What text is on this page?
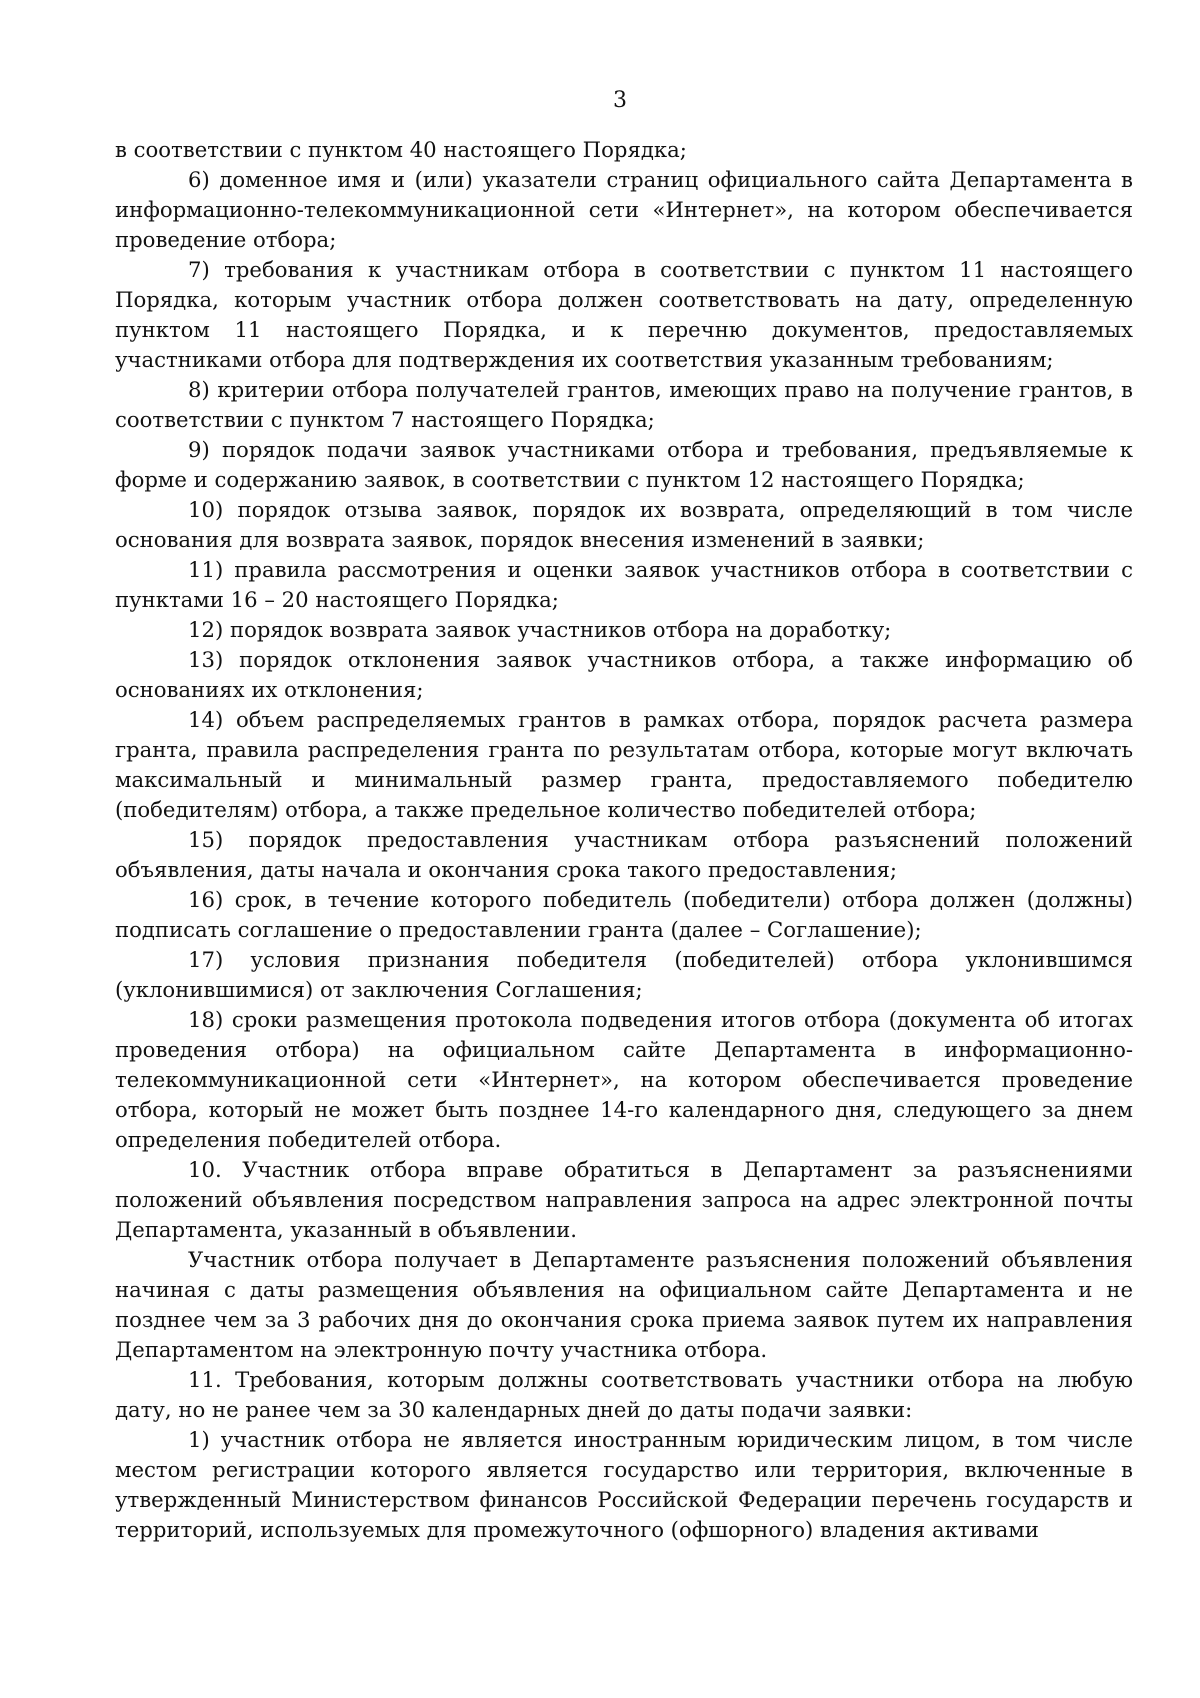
3

в соответствии с пунктом 40 настоящего Порядка;

6) доменное имя и (или) указатели страниц официального сайта Департамента в информационно-телекоммуникационной сети «Интернет», на котором обеспечивается проведение отбора;

7) требования к участникам отбора в соответствии с пунктом 11 настоящего Порядка, которым участник отбора должен соответствовать на дату, определенную пунктом 11 настоящего Порядка, и к перечню документов, предоставляемых участниками отбора для подтверждения их соответствия указанным требованиям;

8) критерии отбора получателей грантов, имеющих право на получение грантов, в соответствии с пунктом 7 настоящего Порядка;

9) порядок подачи заявок участниками отбора и требования, предъявляемые к форме и содержанию заявок, в соответствии с пунктом 12 настоящего Порядка;

10) порядок отзыва заявок, порядок их возврата, определяющий в том числе основания для возврата заявок, порядок внесения изменений в заявки;

11) правила рассмотрения и оценки заявок участников отбора в соответствии с пунктами 16 – 20 настоящего Порядка;

12) порядок возврата заявок участников отбора на доработку;

13) порядок отклонения заявок участников отбора, а также информацию об основаниях их отклонения;

14) объем распределяемых грантов в рамках отбора, порядок расчета размера гранта, правила распределения гранта по результатам отбора, которые могут включать максимальный и минимальный размер гранта, предоставляемого победителю (победителям) отбора, а также предельное количество победителей отбора;

15) порядок предоставления участникам отбора разъяснений положений объявления, даты начала и окончания срока такого предоставления;

16) срок, в течение которого победитель (победители) отбора должен (должны) подписать соглашение о предоставлении гранта (далее – Соглашение);

17) условия признания победителя (победителей) отбора уклонившимся (уклонившимися) от заключения Соглашения;

18) сроки размещения протокола подведения итогов отбора (документа об итогах проведения отбора) на официальном сайте Департамента в информационно-телекоммуникационной сети «Интернет», на котором обеспечивается проведение отбора, который не может быть позднее 14-го календарного дня, следующего за днем определения победителей отбора.

10. Участник отбора вправе обратиться в Департамент за разъяснениями положений объявления посредством направления запроса на адрес электронной почты Департамента, указанный в объявлении.

Участник отбора получает в Департаменте разъяснения положений объявления начиная с даты размещения объявления на официальном сайте Департамента и не позднее чем за 3 рабочих дня до окончания срока приема заявок путем их направления Департаментом на электронную почту участника отбора.

11. Требования, которым должны соответствовать участники отбора на любую дату, но не ранее чем за 30 календарных дней до даты подачи заявки:

1) участник отбора не является иностранным юридическим лицом, в том числе местом регистрации которого является государство или территория, включенные в утвержденный Министерством финансов Российской Федерации перечень государств и территорий, используемых для промежуточного (офшорного) владения активами
